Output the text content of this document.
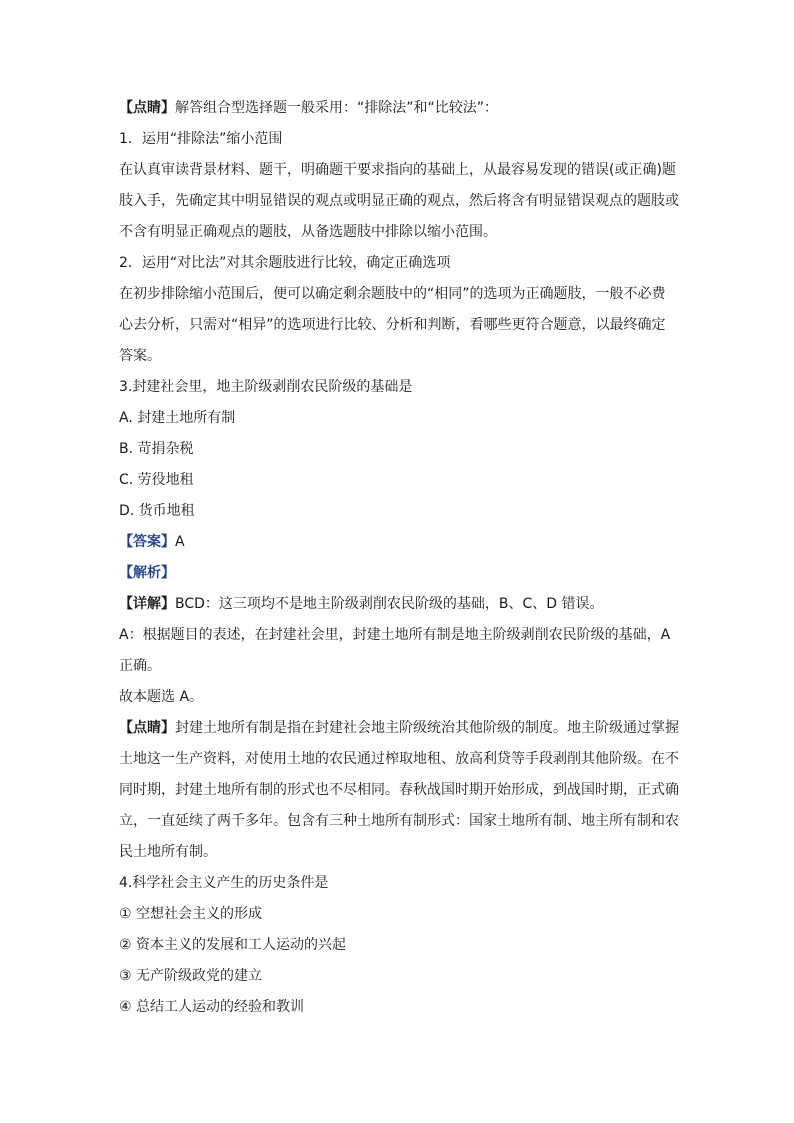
【点睛】解答组合型选择题一般采用：“排除法”和“比较法”：
1．运用“排除法”缩小范围
在认真审读背景材料、题干，明确题干要求指向的基础上，从最容易发现的错误(或正确)题
肢入手，先确定其中明显错误的观点或明显正确的观点，然后将含有明显错误观点的题肢或
不含有明显正确观点的题肢，从备选题肢中排除以缩小范围。
2．运用“对比法”对其余题肢进行比较，确定正确选项
在初步排除缩小范围后，便可以确定剩余题肢中的“相同”的选项为正确题肢，一般不必费
心去分析，只需对“相异”的选项进行比较、分析和判断，看哪些更符合题意，以最终确定
答案。
3.封建社会里，地主阶级剥削农民阶级的基础是
A. 封建土地所有制
B. 苛捐杂税
C. 劳役地租
D. 货币地租
【答案】A
【解析】
【详解】BCD：这三项均不是地主阶级剥削农民阶级的基础，B、C、D 错误。
A：根据题目的表述，在封建社会里，封建土地所有制是地主阶级剥削农民阶级的基础，A
正确。
故本题选 A。
【点睛】封建土地所有制是指在封建社会地主阶级统治其他阶级的制度。地主阶级通过掌握
土地这一生产资料，对使用土地的农民通过榨取地租、放高利贷等手段剥削其他阶级。在不
同时期，封建土地所有制的形式也不尽相同。春秋战国时期开始形成，到战国时期，正式确
立，一直延续了两千多年。包含有三种土地所有制形式：国家土地所有制、地主所有制和农
民土地所有制。
4.科学社会主义产生的历史条件是
① 空想社会主义的形成
② 资本主义的发展和工人运动的兴起
③ 无产阶级政党的建立
④ 总结工人运动的经验和教训
